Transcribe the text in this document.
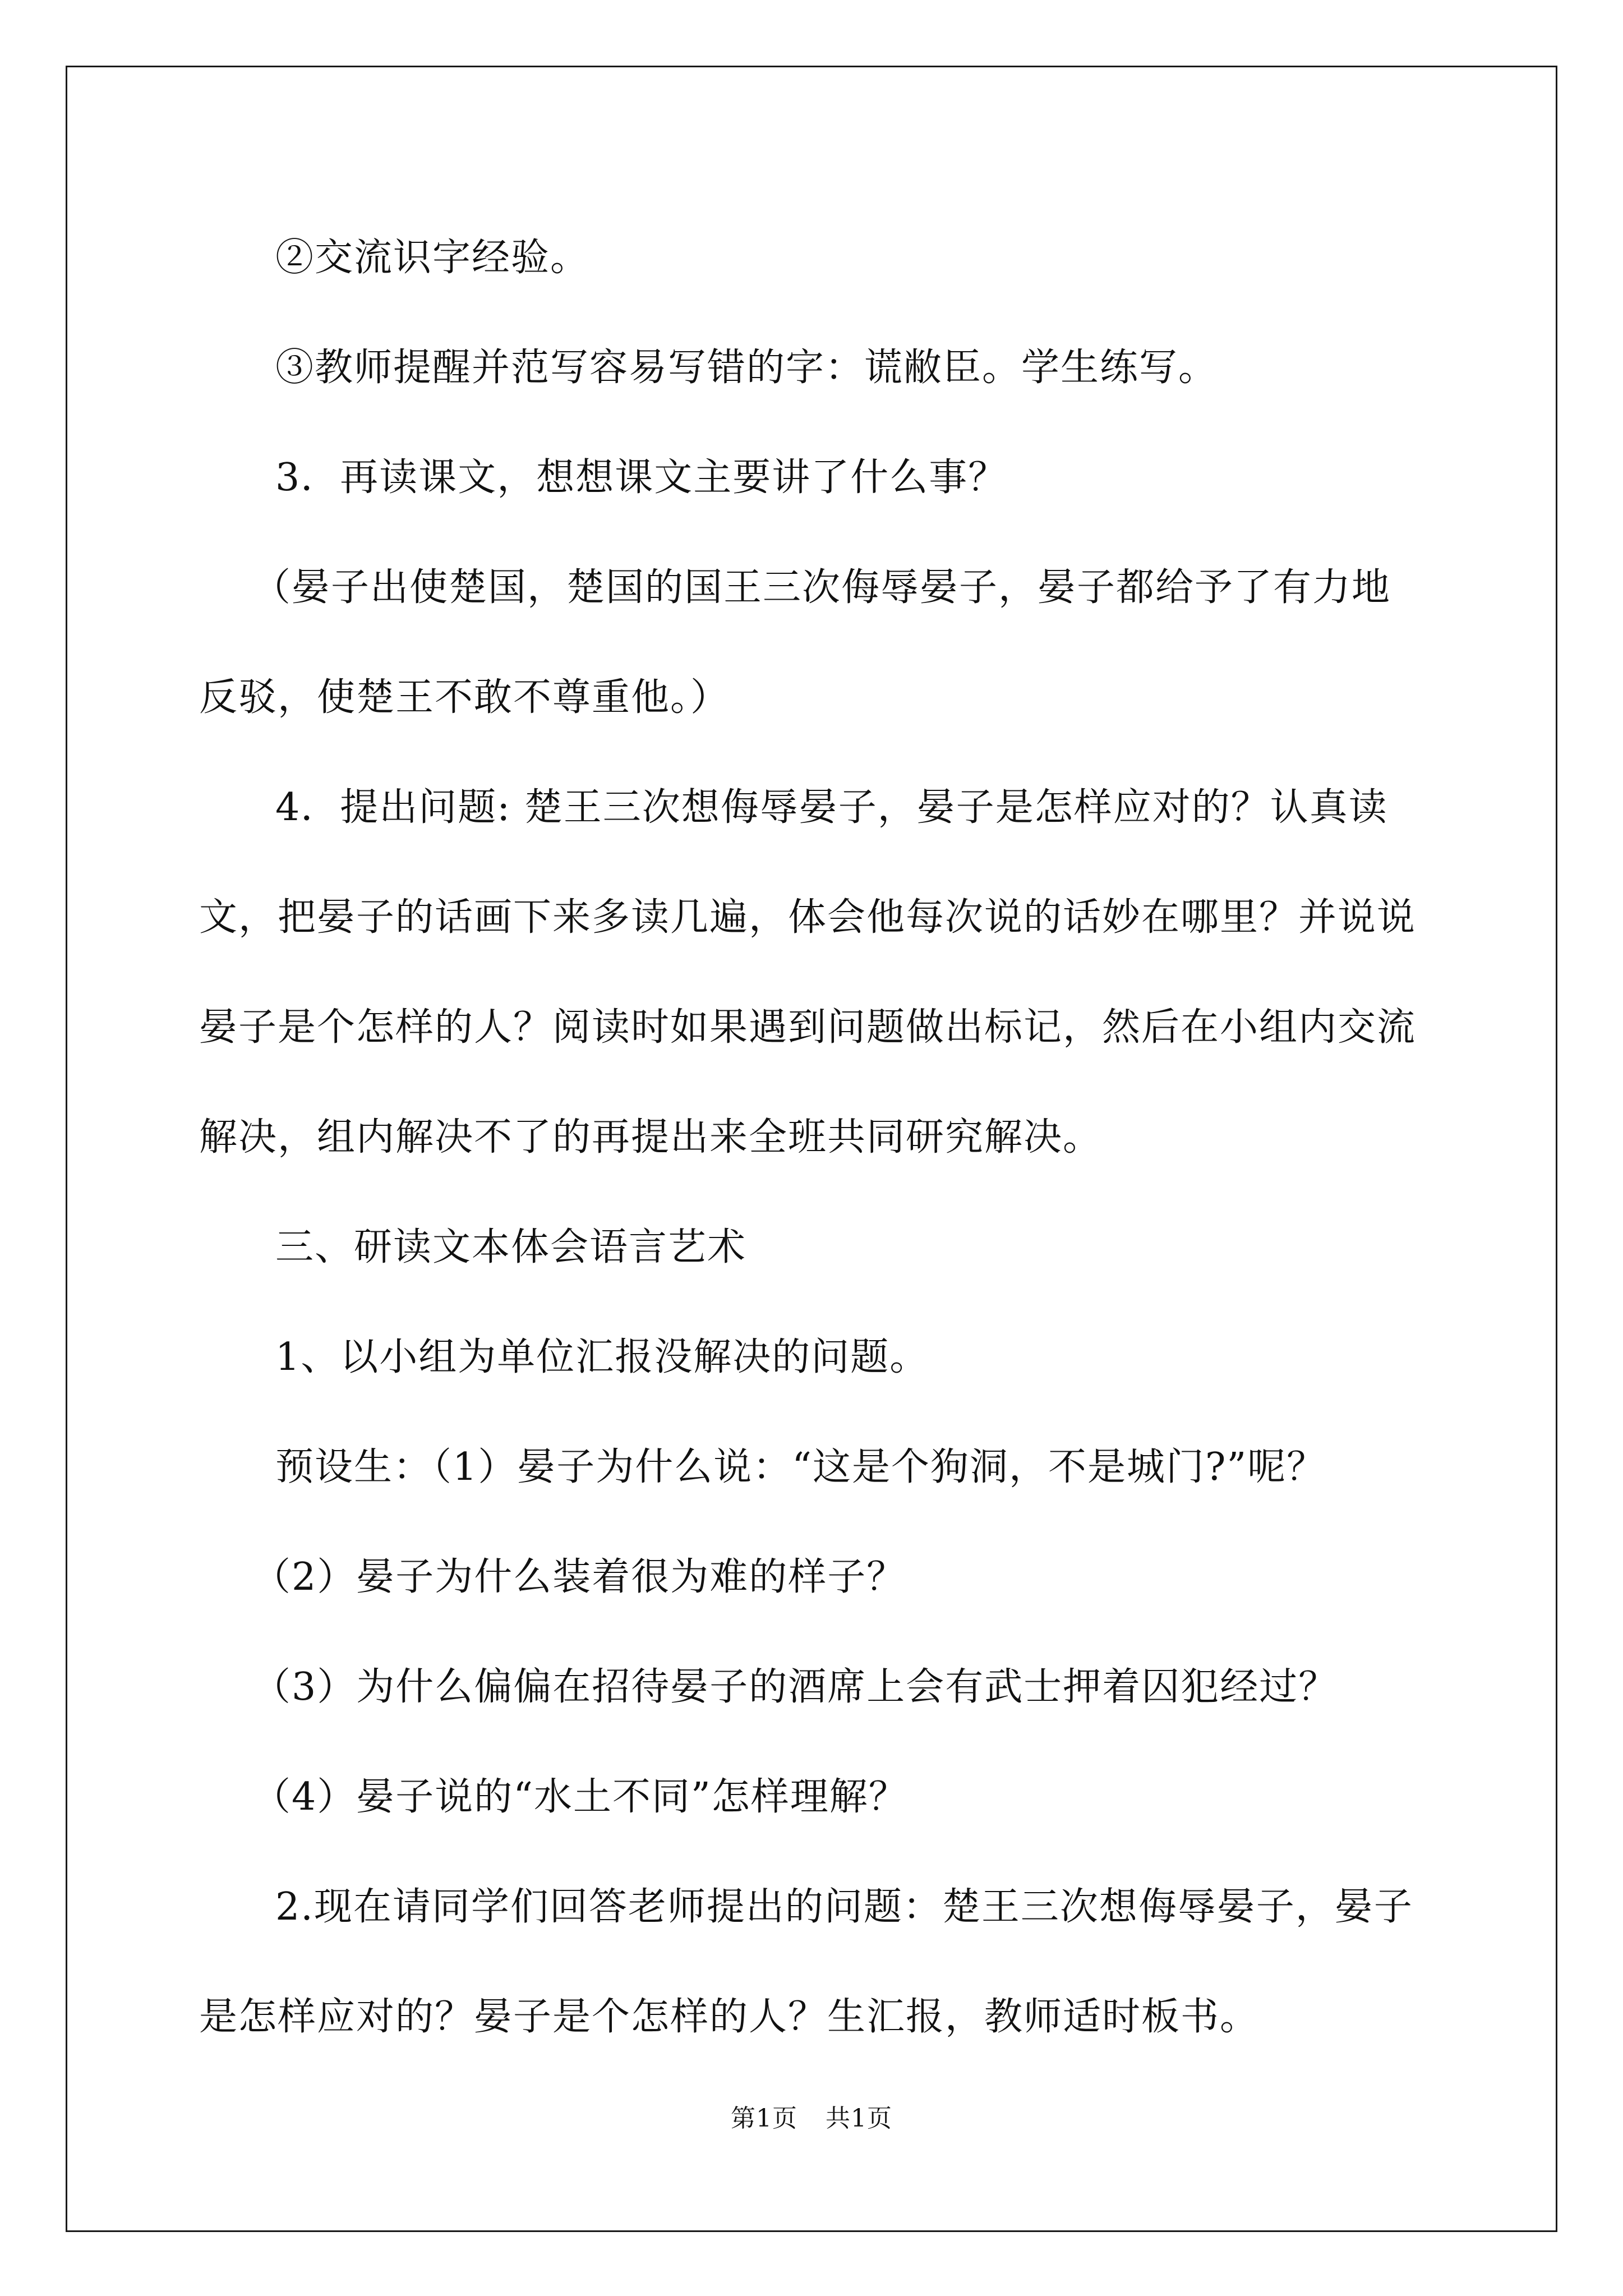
②交流识字经验。

③教师提醒并范写容易写错的字：谎敝臣。学生练写。

3．再读课文，想想课文主要讲了什么事？

（晏子出使楚国，楚国的国王三次侮辱晏子，晏子都给予了有力地反驳，使楚王不敢不尊重他。）

4．提出问题: 楚王三次想侮辱晏子，晏子是怎样应对的？认真读文，把晏子的话画下来多读几遍，体会他每次说的话妙在哪里？并说说晏子是个怎样的人？阅读时如果遇到问题做出标记，然后在小组内交流解决，组内解决不了的再提出来全班共同研究解决。

三、研读文本体会语言艺术

1、以小组为单位汇报没解决的问题。

预设生：（1）晏子为什么说：“这是个狗洞，不是城门?”呢？

（2）晏子为什么装着很为难的样子？

（3）为什么偏偏在招待晏子的酒席上会有武士押着囚犯经过？

（4）晏子说的“水土不同”怎样理解？

2.现在请同学们回答老师提出的问题：楚王三次想侮辱晏子，晏子是怎样应对的？晏子是个怎样的人？生汇报，教师适时板书。

第1页 共1页
